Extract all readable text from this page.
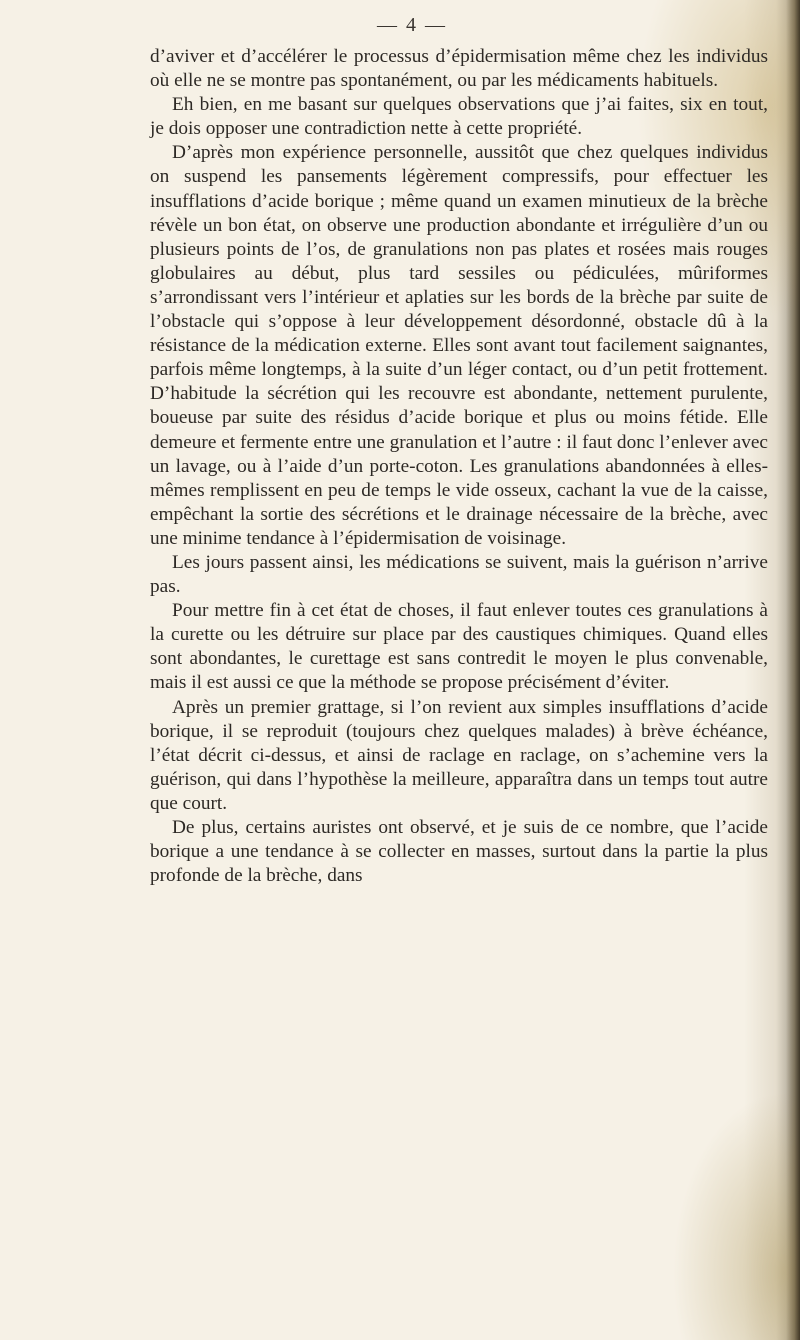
— 4 —

d’aviver et d’accélérer le processus d’épidermisation même chez les individus où elle ne se montre pas spontanément, ou par les médicaments habituels.

Eh bien, en me basant sur quelques observations que j’ai faites, six en tout, je dois opposer une contradiction nette à cette propriété.

D’après mon expérience personnelle, aussitôt que chez quelques individus on suspend les pansements légèrement compressifs, pour effectuer les insufflations d’acide borique ; même quand un examen minutieux de la brèche révèle un bon état, on observe une production abondante et irrégulière d’un ou plusieurs points de l’os, de granulations non pas plates et rosées mais rouges globulaires au début, plus tard sessiles ou pédiculées, mûriformes s’arrondissant vers l’intérieur et aplaties sur les bords de la brèche par suite de l’obstacle qui s’oppose à leur développement désordonné, obstacle dû à la résistance de la médication externe. Elles sont avant tout facilement saignantes, parfois même longtemps, à la suite d’un léger contact, ou d’un petit frottement. D’habitude la sécrétion qui les recouvre est abondante, nettement purulente, boueuse par suite des résidus d’acide borique et plus ou moins fétide. Elle demeure et fermente entre une granulation et l’autre : il faut donc l’enlever avec un lavage, ou à l’aide d’un porte-coton. Les granulations abandonnées à elles-mêmes remplissent en peu de temps le vide osseux, cachant la vue de la caisse, empêchant la sortie des sécrétions et le drainage nécessaire de la brèche, avec une minime tendance à l’épidermisation de voisinage.

Les jours passent ainsi, les médications se suivent, mais la guérison n’arrive pas.

Pour mettre fin à cet état de choses, il faut enlever toutes ces granulations à la curette ou les détruire sur place par des caustiques chimiques. Quand elles sont abondantes, le curettage est sans contredit le moyen le plus convenable, mais il est aussi ce que la méthode se propose précisément d’éviter.

Après un premier grattage, si l’on revient aux simples insufflations d’acide borique, il se reproduit (toujours chez quelques malades) à brève échéance, l’état décrit ci-dessus, et ainsi de raclage en raclage, on s’achemine vers la guérison, qui dans l’hypothèse la meilleure, apparaîtra dans un temps tout autre que court.

De plus, certains auristes ont observé, et je suis de ce nombre, que l’acide borique a une tendance à se collecter en masses, surtout dans la partie la plus profonde de la brèche, dans
